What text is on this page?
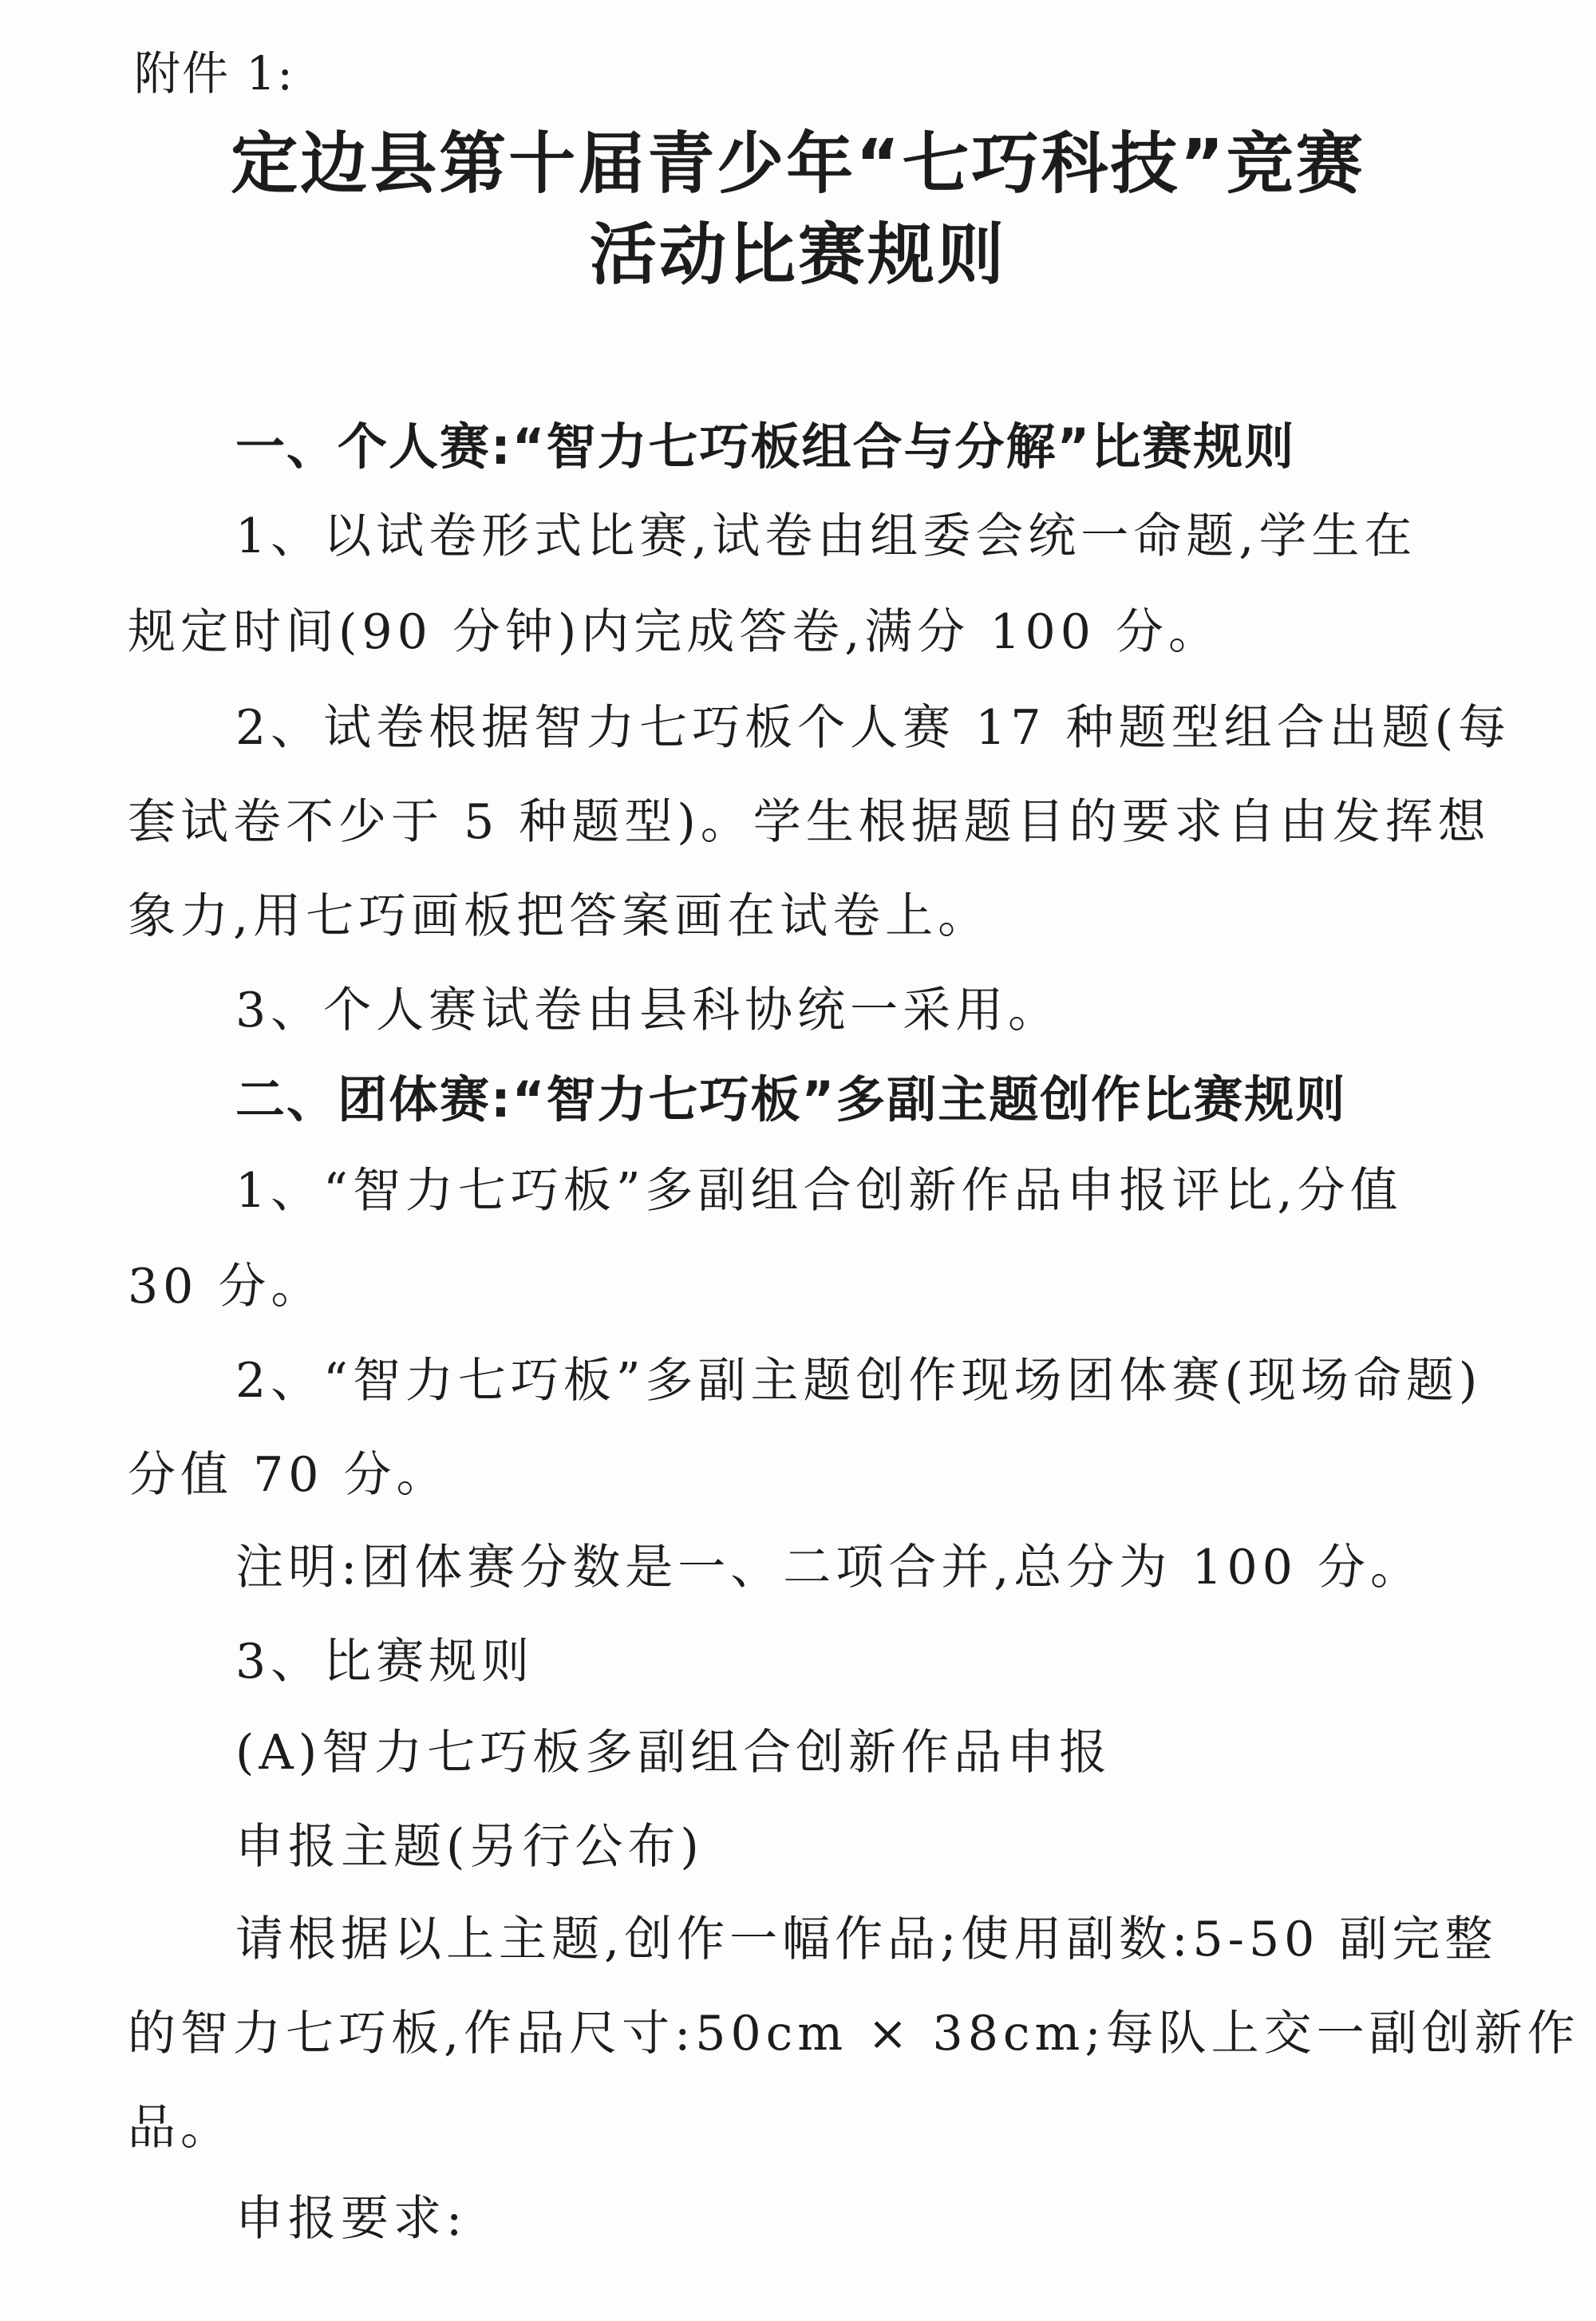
附件 1:
定边县第十届青少年“七巧科技”竞赛
活动比赛规则
一、个人赛:“智力七巧板组合与分解”比赛规则
1、以试卷形式比赛,试卷由组委会统一命题,学生在
规定时间(90 分钟)内完成答卷,满分 100 分。
2、试卷根据智力七巧板个人赛 17 种题型组合出题(每
套试卷不少于 5 种题型)。学生根据题目的要求自由发挥想
象力,用七巧画板把答案画在试卷上。
3、个人赛试卷由县科协统一采用。
二、团体赛:“智力七巧板”多副主题创作比赛规则
1、“智力七巧板”多副组合创新作品申报评比,分值
30 分。
2、“智力七巧板”多副主题创作现场团体赛(现场命题)
分值 70 分。
注明:团体赛分数是一、二项合并,总分为 100 分。
3、比赛规则
(A)智力七巧板多副组合创新作品申报
申报主题(另行公布)
请根据以上主题,创作一幅作品;使用副数:5-50 副完整
的智力七巧板,作品尺寸:50cm × 38cm;每队上交一副创新作
品。
申报要求:
